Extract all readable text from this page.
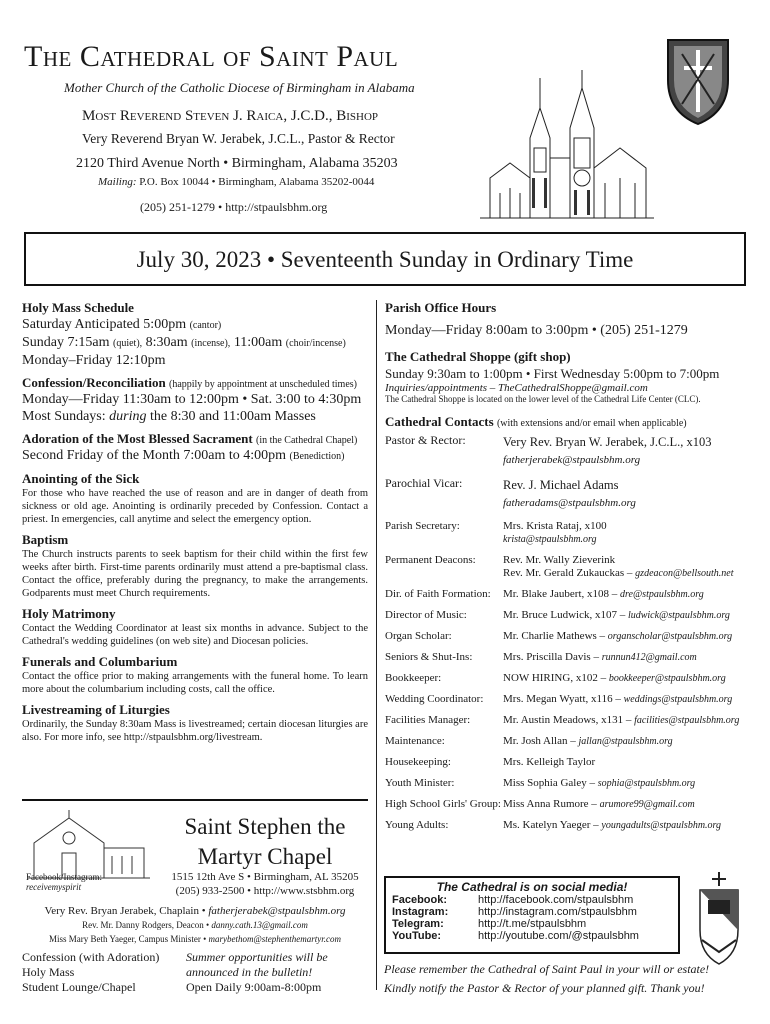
The Cathedral of Saint Paul
Mother Church of the Catholic Diocese of Birmingham in Alabama
Most Reverend Steven J. Raica, J.C.D., Bishop
Very Reverend Bryan W. Jerabek, J.C.L., Pastor & Rector
2120 Third Avenue North • Birmingham, Alabama 35203
Mailing: P.O. Box 10044 • Birmingham, Alabama 35202-0044
(205) 251-1279 • http://stpaulsbhm.org
July 30, 2023 • Seventeenth Sunday in Ordinary Time
Holy Mass Schedule
Saturday Anticipated 5:00pm (cantor)
Sunday 7:15am (quiet), 8:30am (incense), 11:00am (choir/incense)
Monday–Friday 12:10pm
Confession/Reconciliation (happily by appointment at unscheduled times)
Monday—Friday 11:30am to 12:00pm • Sat. 3:00 to 4:30pm
Most Sundays: during the 8:30 and 11:00am Masses
Adoration of the Most Blessed Sacrament (in the Cathedral Chapel)
Second Friday of the Month 7:00am to 4:00pm (Benediction)
Anointing of the Sick
For those who have reached the use of reason and are in danger of death from sickness or old age. Anointing is ordinarily preceded by Confession. Contact a priest. In emergencies, call anytime and select the emergency option.
Baptism
The Church instructs parents to seek baptism for their child within the first few weeks after birth. First-time parents ordinarily must attend a pre-baptismal class. Contact the office, preferably during the pregnancy, to make the arrangements. Godparents must meet Church requirements.
Holy Matrimony
Contact the Wedding Coordinator at least six months in advance. Subject to the Cathedral's wedding guidelines (on web site) and Diocesan policies.
Funerals and Columbarium
Contact the office prior to making arrangements with the funeral home. To learn more about the columbarium including costs, call the office.
Livestreaming of Liturgies
Ordinarily, the Sunday 8:30am Mass is livestreamed; certain diocesan liturgies are also. For more info, see http://stpaulsbhm.org/livestream.
Facebook/Instagram:
receivemyspirit
Saint Stephen the Martyr Chapel
1515 12th Ave S • Birmingham, AL 35205
(205) 933-2500 • http://www.stsbhm.org
Very Rev. Bryan Jerabek, Chaplain • fatherjerabek@stpaulsbhm.org
Rev. Mr. Danny Rodgers, Deacon • danny.cath.13@gmail.com
Miss Mary Beth Yaeger, Campus Minister • marybethom@stephenthemartyr.com
Confession (with Adoration)	Summer opportunities will be
Holy Mass	announced in the bulletin!
Student Lounge/Chapel	Open Daily 9:00am-8:00pm
Parish Office Hours
Monday—Friday 8:00am to 3:00pm • (205) 251-1279
The Cathedral Shoppe (gift shop)
Sunday 9:30am to 1:00pm • First Wednesday 5:00pm to 7:00pm
Inquiries/appointments – TheCathedralShoppe@gmail.com
The Cathedral Shoppe is located on the lower level of the Cathedral Life Center (CLC).
Cathedral Contacts (with extensions and/or email when applicable)
Pastor & Rector:	Very Rev. Bryan W. Jerabek, J.C.L., x103
fatherjerabek@stpaulsbhm.org
Parochial Vicar:	Rev. J. Michael Adams
fatheradams@stpaulsbhm.org
Parish Secretary:	Mrs. Krista Rataj, x100
krista@stpaulsbhm.org
Permanent Deacons:	Rev. Mr. Wally Zieverink
Rev. Mr. Gerald Zukauckas – gzdeacon@bellsouth.net
Dir. of Faith Formation:	Mr. Blake Jaubert, x108 – dre@stpaulsbhm.org
Director of Music:	Mr. Bruce Ludwick, x107 – ludwick@stpaulsbhm.org
Organ Scholar:	Mr. Charlie Mathews – organscholar@stpaulsbhm.org
Seniors & Shut-Ins:	Mrs. Priscilla Davis – runnun412@gmail.com
Bookkeeper:	NOW HIRING, x102 – bookkeeper@stpaulsbhm.org
Wedding Coordinator:	Mrs. Megan Wyatt, x116 – weddings@stpaulsbhm.org
Facilities Manager:	Mr. Austin Meadows, x131 – facilities@stpaulsbhm.org
Maintenance:	Mr. Josh Allan – jallan@stpaulsbhm.org
Housekeeping:	Mrs. Kelleigh Taylor
Youth Minister:	Miss Sophia Galey – sophia@stpaulsbhm.org
High School Girls' Group: Miss Anna Rumore – arumore99@gmail.com
Young Adults:	Ms. Katelyn Yaeger – youngadults@stpaulsbhm.org
The Cathedral is on social media!
Facebook:	http://facebook.com/stpaulsbhm
Instagram:	http://instagram.com/stpaulsbhm
Telegram:	http://t.me/stpaulsbhm
YouTube:	http://youtube.com/@stpaulsbhm
Please remember the Cathedral of Saint Paul in your will or estate!
Kindly notify the Pastor & Rector of your planned gift. Thank you!
